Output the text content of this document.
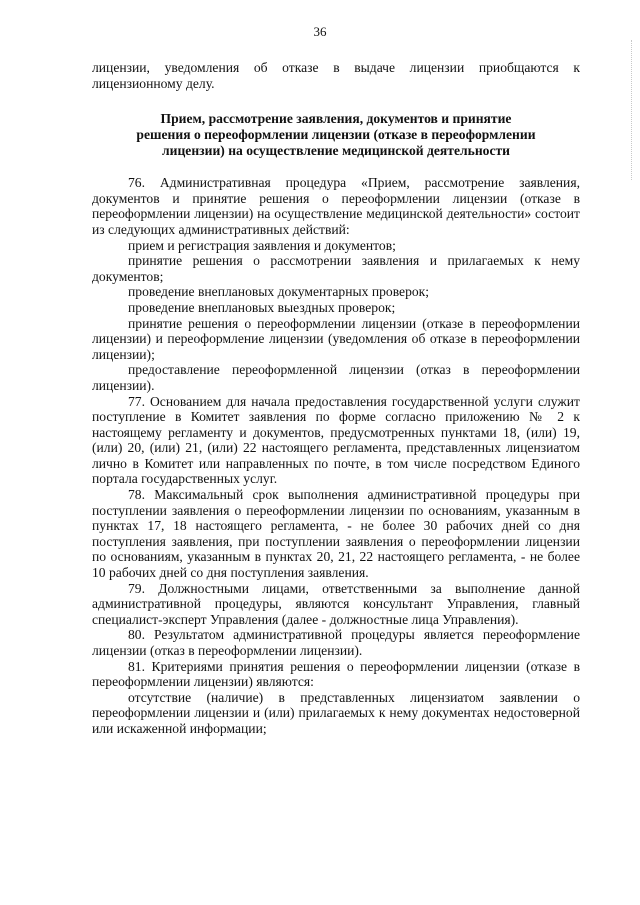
36

лицензии, уведомления об отказе в выдаче лицензии приобщаются к лицензионному делу.

Прием, рассмотрение заявления, документов и принятие
решения о переоформлении лицензии (отказе в переоформлении
лицензии) на осуществление медицинской деятельности

76. Административная процедура «Прием, рассмотрение заявления, документов и принятие решения о переоформлении лицензии (отказе в переоформлении лицензии) на осуществление медицинской деятельности» состоит из следующих административных действий:

прием и регистрация заявления и документов;

принятие решения о рассмотрении заявления и прилагаемых к нему документов;

проведение внеплановых документарных проверок;

проведение внеплановых выездных проверок;

принятие решения о переоформлении лицензии (отказе в переоформлении лицензии) и переоформление лицензии (уведомления об отказе в переоформлении лицензии);

предоставление переоформленной лицензии (отказ в переоформлении лицензии).

77. Основанием для начала предоставления государственной услуги служит поступление в Комитет заявления по форме согласно приложению № 2 к настоящему регламенту и документов, предусмотренных пунктами 18, (или) 19, (или) 20, (или) 21, (или) 22 настоящего регламента, представленных лицензиатом лично в Комитет или направленных по почте, в том числе посредством Единого портала государственных услуг.

78. Максимальный срок выполнения административной процедуры при поступлении заявления о переоформлении лицензии по основаниям, указанным в пунктах 17, 18 настоящего регламента, - не более 30 рабочих дней со дня поступления заявления, при поступлении заявления о переоформлении лицензии по основаниям, указанным в пунктах 20, 21, 22 настоящего регламента, - не более 10 рабочих дней со дня поступления заявления.

79. Должностными лицами, ответственными за выполнение данной административной процедуры, являются консультант Управления, главный специалист-эксперт Управления (далее - должностные лица Управления).

80. Результатом административной процедуры является переоформление лицензии (отказ в переоформлении лицензии).

81. Критериями принятия решения о переоформлении лицензии (отказе в переоформлении лицензии) являются:

отсутствие (наличие) в представленных лицензиатом заявлении о переоформлении лицензии и (или) прилагаемых к нему документах недостоверной или искаженной информации;
